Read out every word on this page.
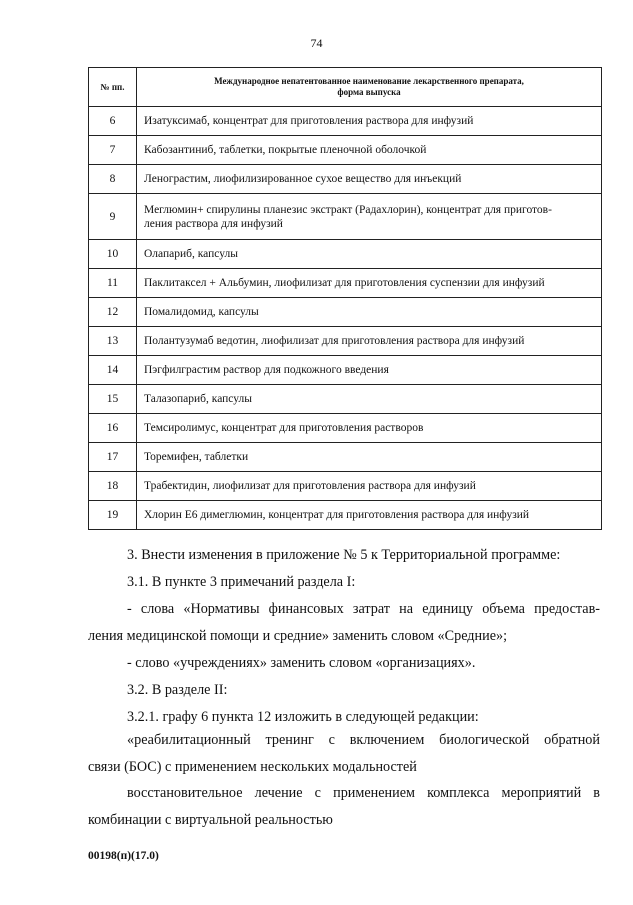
74
№ пп.	Международное непатентованное наименование лекарственного препарата,
форма выпуска

6	Изатуксимаб, концентрат для приготовления раствора для инфузий
7	Кабозантиниб, таблетки, покрытые пленочной оболочкой
8	Ленограстим, лиофилизированное сухое вещество для инъекций
9	Меглюмин+ спирулины планезис экстракт (Радахлорин), концентрат для приготов-
ления раствора для инфузий

10	Олапариб, капсулы
11	Паклитаксел + Альбумин, лиофилизат для приготовления суспензии для инфузий
12	Помалидомид, капсулы
13	Полантузумаб ведотин, лиофилизат для приготовления раствора для инфузий
14	Пэгфилграстим раствор для подкожного введения
15	Талазопариб, капсулы
16	Темсиролимус, концентрат для приготовления растворов
17	Торемифен, таблетки
18	Трабектидин, лиофилизат для приготовления раствора для инфузий
19	Хлорин Е6 димеглюмин, концентрат для приготовления раствора для инфузий
3. Внести изменения в приложение № 5 к Территориальной программе:
3.1. В пункте 3 примечаний раздела I:
- слова «Нормативы финансовых затрат на единицу объема предостав-
ления медицинской помощи и средние» заменить словом «Средние»;
- слово «учреждениях» заменить словом «организациях».
3.2. В разделе II:
3.2.1. графу 6 пункта 12 изложить в следующей редакции:
«реабилитационный тренинг с включением биологической обратной
связи (БОС) с применением нескольких модальностей
восстановительное лечение с применением комплекса мероприятий в
комбинации с виртуальной реальностью
00198(п)(17.0)
